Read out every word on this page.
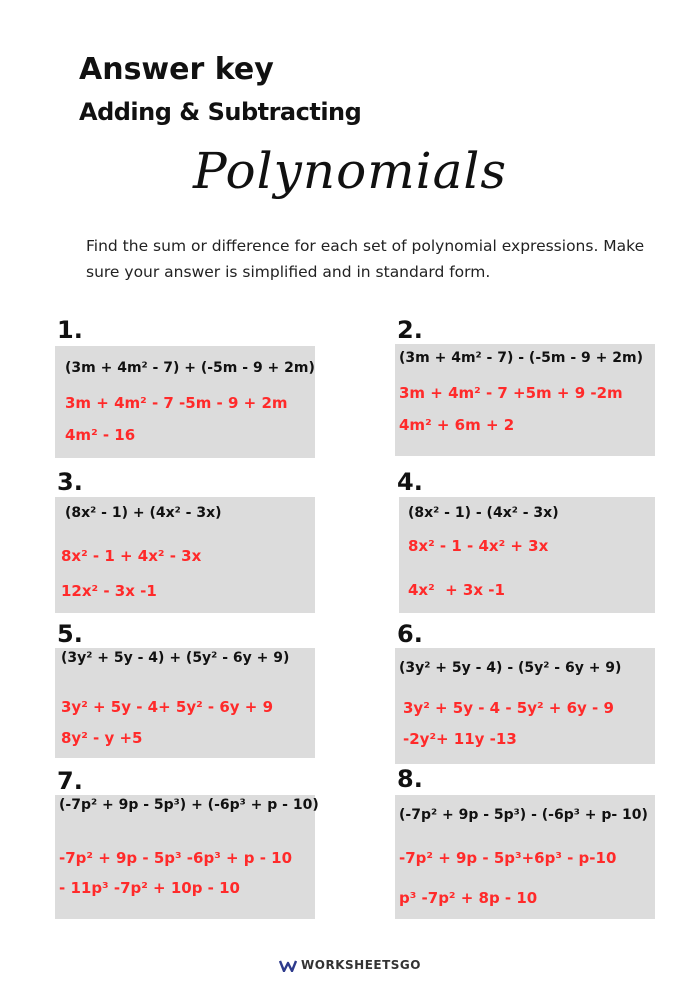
Answer key
Adding & Subtracting
Polynomials
Find the sum or difference for each set of polynomial expressions. Make sure your answer is simplified and in standard form.
1.
(3m + 4m² - 7) + (-5m - 9 + 2m)
3m + 4m² - 7 -5m - 9 + 2m
4m² - 16
2.
(3m + 4m² - 7) - (-5m - 9 + 2m)
3m + 4m² - 7 +5m + 9 -2m
4m² + 6m + 2
3.
(8x² - 1) + (4x² - 3x)
8x² - 1 + 4x² - 3x
12x² - 3x -1
4.
(8x² - 1) - (4x² - 3x)
8x² - 1 - 4x² + 3x
4x²  + 3x -1
5.
(3y² + 5y - 4) + (5y² - 6y + 9)
3y² + 5y - 4+ 5y² - 6y + 9
8y² - y +5
6.
(3y² + 5y - 4) - (5y² - 6y + 9)
3y² + 5y - 4 - 5y² + 6y - 9
-2y²+ 11y -13
7.
(-7p² + 9p - 5p³) + (-6p³ + p - 10)
-7p² + 9p - 5p³ -6p³ + p - 10
- 11p³ -7p² + 10p - 10
8.
(-7p² + 9p - 5p³) - (-6p³ + p- 10)
-7p² + 9p - 5p³+6p³ - p-10
p³ -7p² + 8p - 10
WORKSHEETSGO
